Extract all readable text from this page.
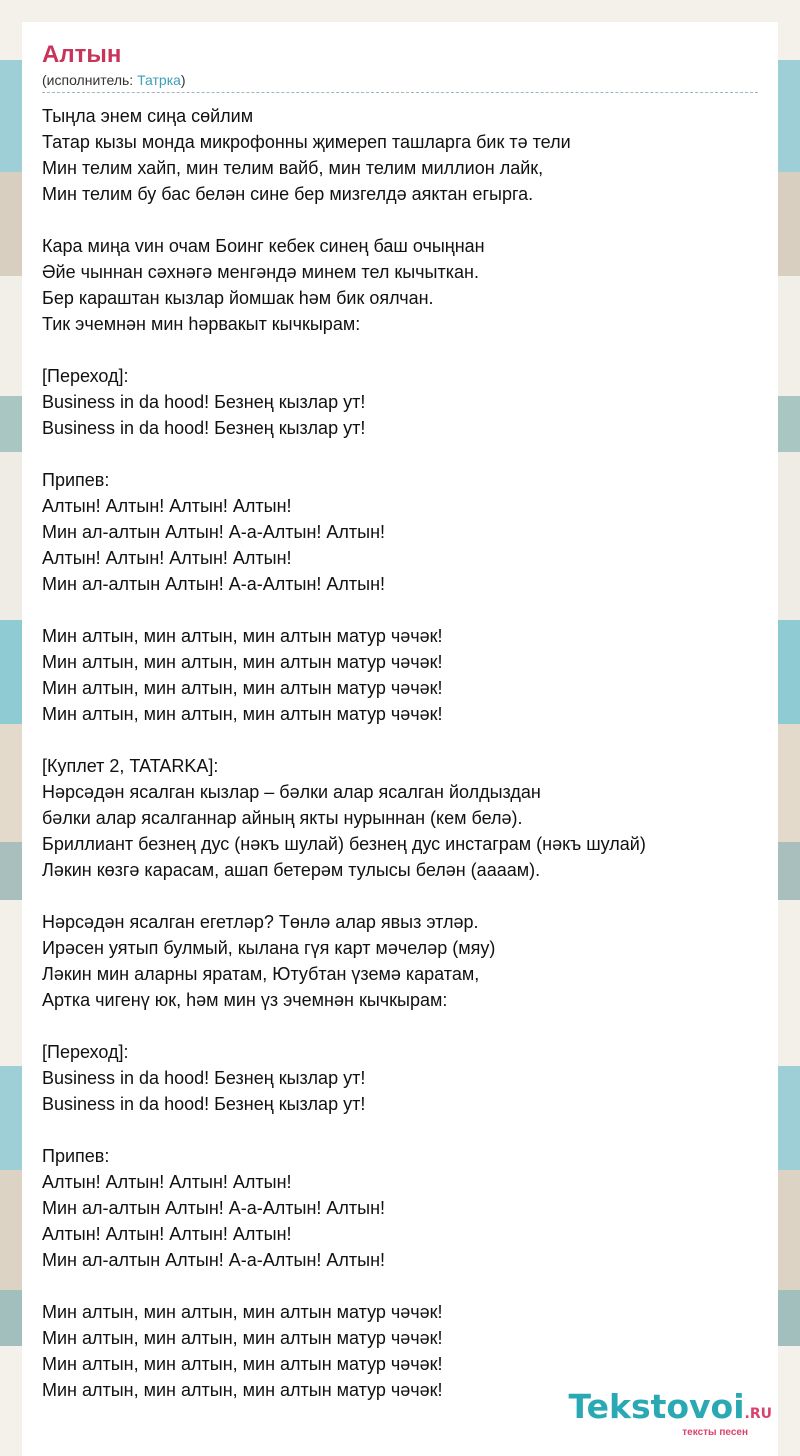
Алтын
(исполнитель: Татрка)
Тыңла энем сиңа сөйлим
Татар кызы монда микрофонны җимереп ташларга бик тә тели
Мин телим хайп, мин телим вайб, мин телим миллион лайк,
Мин телим бу бас белән сине бер мизгелдә аяктан егырга.
Кара миңа vин очам Боинг кебек синең баш очыңнан
Әйе чыннан сәхнәгә менгәндә минем тел кычыткан.
Бер караштан кызлар йомшак һәм бик оялчан.
Тик эчемнән мин һәрвакыт кычкырам:
[Переход]:
Business in da hood! Безнең кызлар ут!
Business in da hood! Безнең кызлар ут!
Припев:
Алтын! Алтын! Алтын! Алтын!
Мин ал-алтын Алтын! А-а-Алтын! Алтын!
Алтын! Алтын! Алтын! Алтын!
Мин ал-алтын Алтын! А-а-Алтын! Алтын!
Мин алтын, мин алтын, мин алтын матур чәчәк!
Мин алтын, мин алтын, мин алтын матур чәчәк!
Мин алтын, мин алтын, мин алтын матур чәчәк!
Мин алтын, мин алтын, мин алтын матур чәчәк!
[Куплет 2, TATARKA]:
Нәрсәдән ясалган кызлар – бәлки алар ясалган йолдыздан
бәлки алар ясалганнар айның якты нурыннан (кем белә).
Бриллиант безнең дус (нәкъ шулай) безнең дус инстаграм (нәкъ шулай)
Ләкин көзгә карасам, ашап бетерәм тулысы белән (аааам).
Нәрсәдән ясалган егетләр? Төнлә алар явыз этләр.
Ирәсен уятып булмый, кылана гүя карт мәчеләр (мяу)
Ләкин мин аларны яратам, Ютубтан үземә каратам,
Артка чигенү юк, һәм мин үз эчемнән кычкырам:
[Переход]:
Business in da hood! Безнең кызлар ут!
Business in da hood! Безнең кызлар ут!
Припев:
Алтын! Алтын! Алтын! Алтын!
Мин ал-алтын Алтын! А-а-Алтын! Алтын!
Алтын! Алтын! Алтын! Алтын!
Мин ал-алтын Алтын! А-а-Алтын! Алтын!
Мин алтын, мин алтын, мин алтын матур чәчәк!
Мин алтын, мин алтын, мин алтын матур чәчәк!
Мин алтын, мин алтын, мин алтын матур чәчәк!
Мин алтын, мин алтын, мин алтын матур чәчәк!	Tekstovoi.RU
тексты песен
